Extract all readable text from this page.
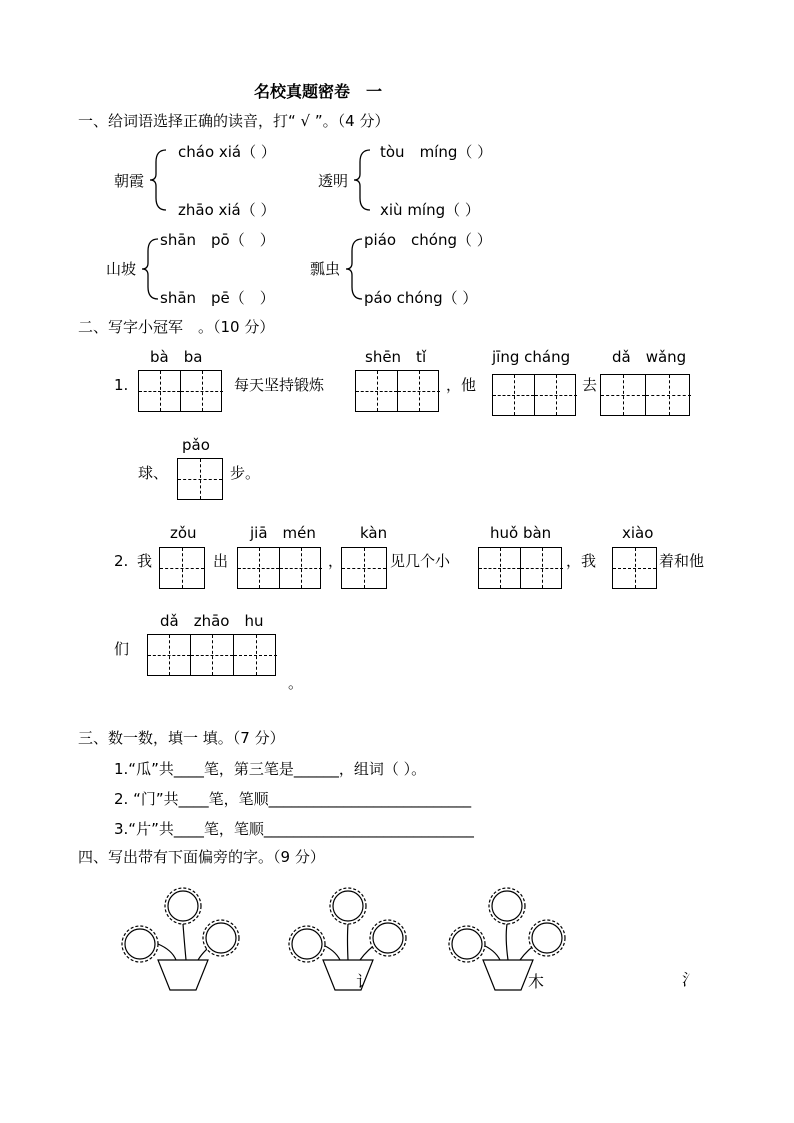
名校真题密卷　一
一、给词语选择正确的读音，打“ √ ”。（4 分）
朝霞
cháo xiá（ ）
zhāo xiá（ ）
透明
tòu　míng（ ）
xiù míng（ ）
山坡
shān　pō（　）
shān　pē（　）
瓢虫
piáo　chóng（ ）
páo chóng（ ）
二、写字小冠军　。（10 分）
1.
bà　ba
每天坚持锻炼
shēn　tǐ
，他
jīng cháng
去
dǎ　wǎng
pǎo
球、	步。
2. 我
zǒu
出
jiā　mén
，
kàn
见几个小
huǒ bàn
，我
xiào
着和他
dǎ　zhāo　hu
们
。
三、数一数，填一 填。（7 分）
1.“瓜”共____笔，第三笔是______，组词（ ）。
2. “门”共____笔，笔顺___________________________
3.“片”共____笔，笔顺____________________________
四、写出带有下面偏旁的字。（9 分）
讠	木	氵
